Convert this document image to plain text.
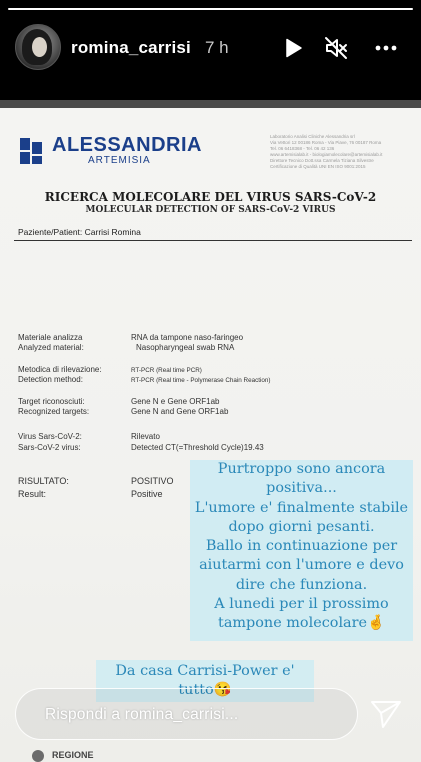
ALESSANDRIA
ARTEMISIA
Laboratorio Analisi Cliniche Alessandria srl
Via Vettori 12 00186 Roma - Via Piave, 76 00187 Roma
Tel. 06 6418368 - Tel. 06 42 136
www.artemisialab.it - biologiamolecolare@artemisialab.it
Direttore Tecnico Dott.ssa Carmela Tiziana Silvestre
Certificazione di Qualità UNI EN ISO 9001:2015
RICERCA MOLECOLARE DEL VIRUS SARS-CoV-2
MOLECULAR DETECTION OF SARS-CoV-2 VIRUS
Paziente/Patient: Carrisi Romina
Materiale analizza
Analyzed material:
RNA da tampone naso-faringeo
Nasopharyngeal swab RNA
Metodica di rilevazione:
Detection method:
RT-PCR (Real time PCR)
RT-PCR (Real time - Polymerase Chain Reaction)
Target riconosciuti:
Recognized targets:
Gene N e Gene ORF1ab
Gene N and Gene ORF1ab
Virus Sars-CoV-2:
Sars-CoV-2 virus:
Rilevato
Detected CT(=Threshold Cycle)19.43
RISULTATO:
Result:
POSITIVO
Positive
Purtroppo sono ancora
positiva...
L'umore e' finalmente stabile
dopo giorni pesanti.
Ballo in continuazione per
aiutarmi con l'umore e devo
dire che funziona.
A lunedi per il prossimo
tampone molecolare🤞
Da casa Carrisi-Power e'
tutto😘
REGIONE
romina_carrisi 7 h
Rispondi a romina_carrisi...
